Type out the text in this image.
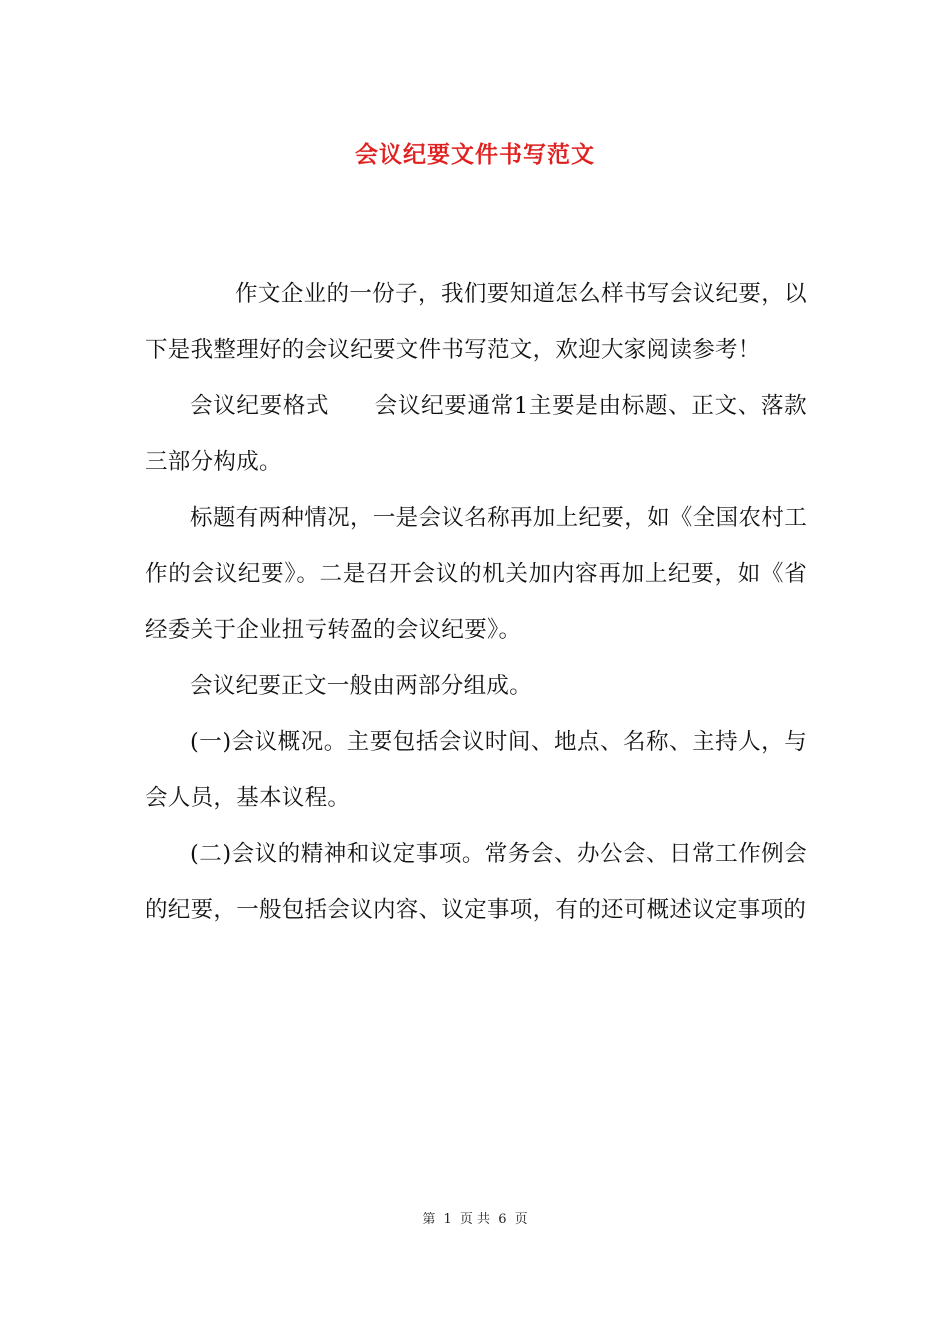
会议纪要文件书写范文

作文企业的一份子，我们要知道怎么样书写会议纪要，以下是我整理好的会议纪要文件书写范文，欢迎大家阅读参考！

会议纪要格式 会议纪要通常1主要是由标题、正文、落款三部分构成。

标题有两种情况，一是会议名称再加上纪要，如《全国农村工作的会议纪要》。二是召开会议的机关加内容再加上纪要，如《省经委关于企业扭亏转盈的会议纪要》。

会议纪要正文一般由两部分组成。

(一)会议概况。主要包括会议时间、地点、名称、主持人，与会人员，基本议程。

(二)会议的精神和议定事项。常务会、办公会、日常工作例会的纪要，一般包括会议内容、议定事项，有的还可概述议定事项的

第 1 页 共 6 页
